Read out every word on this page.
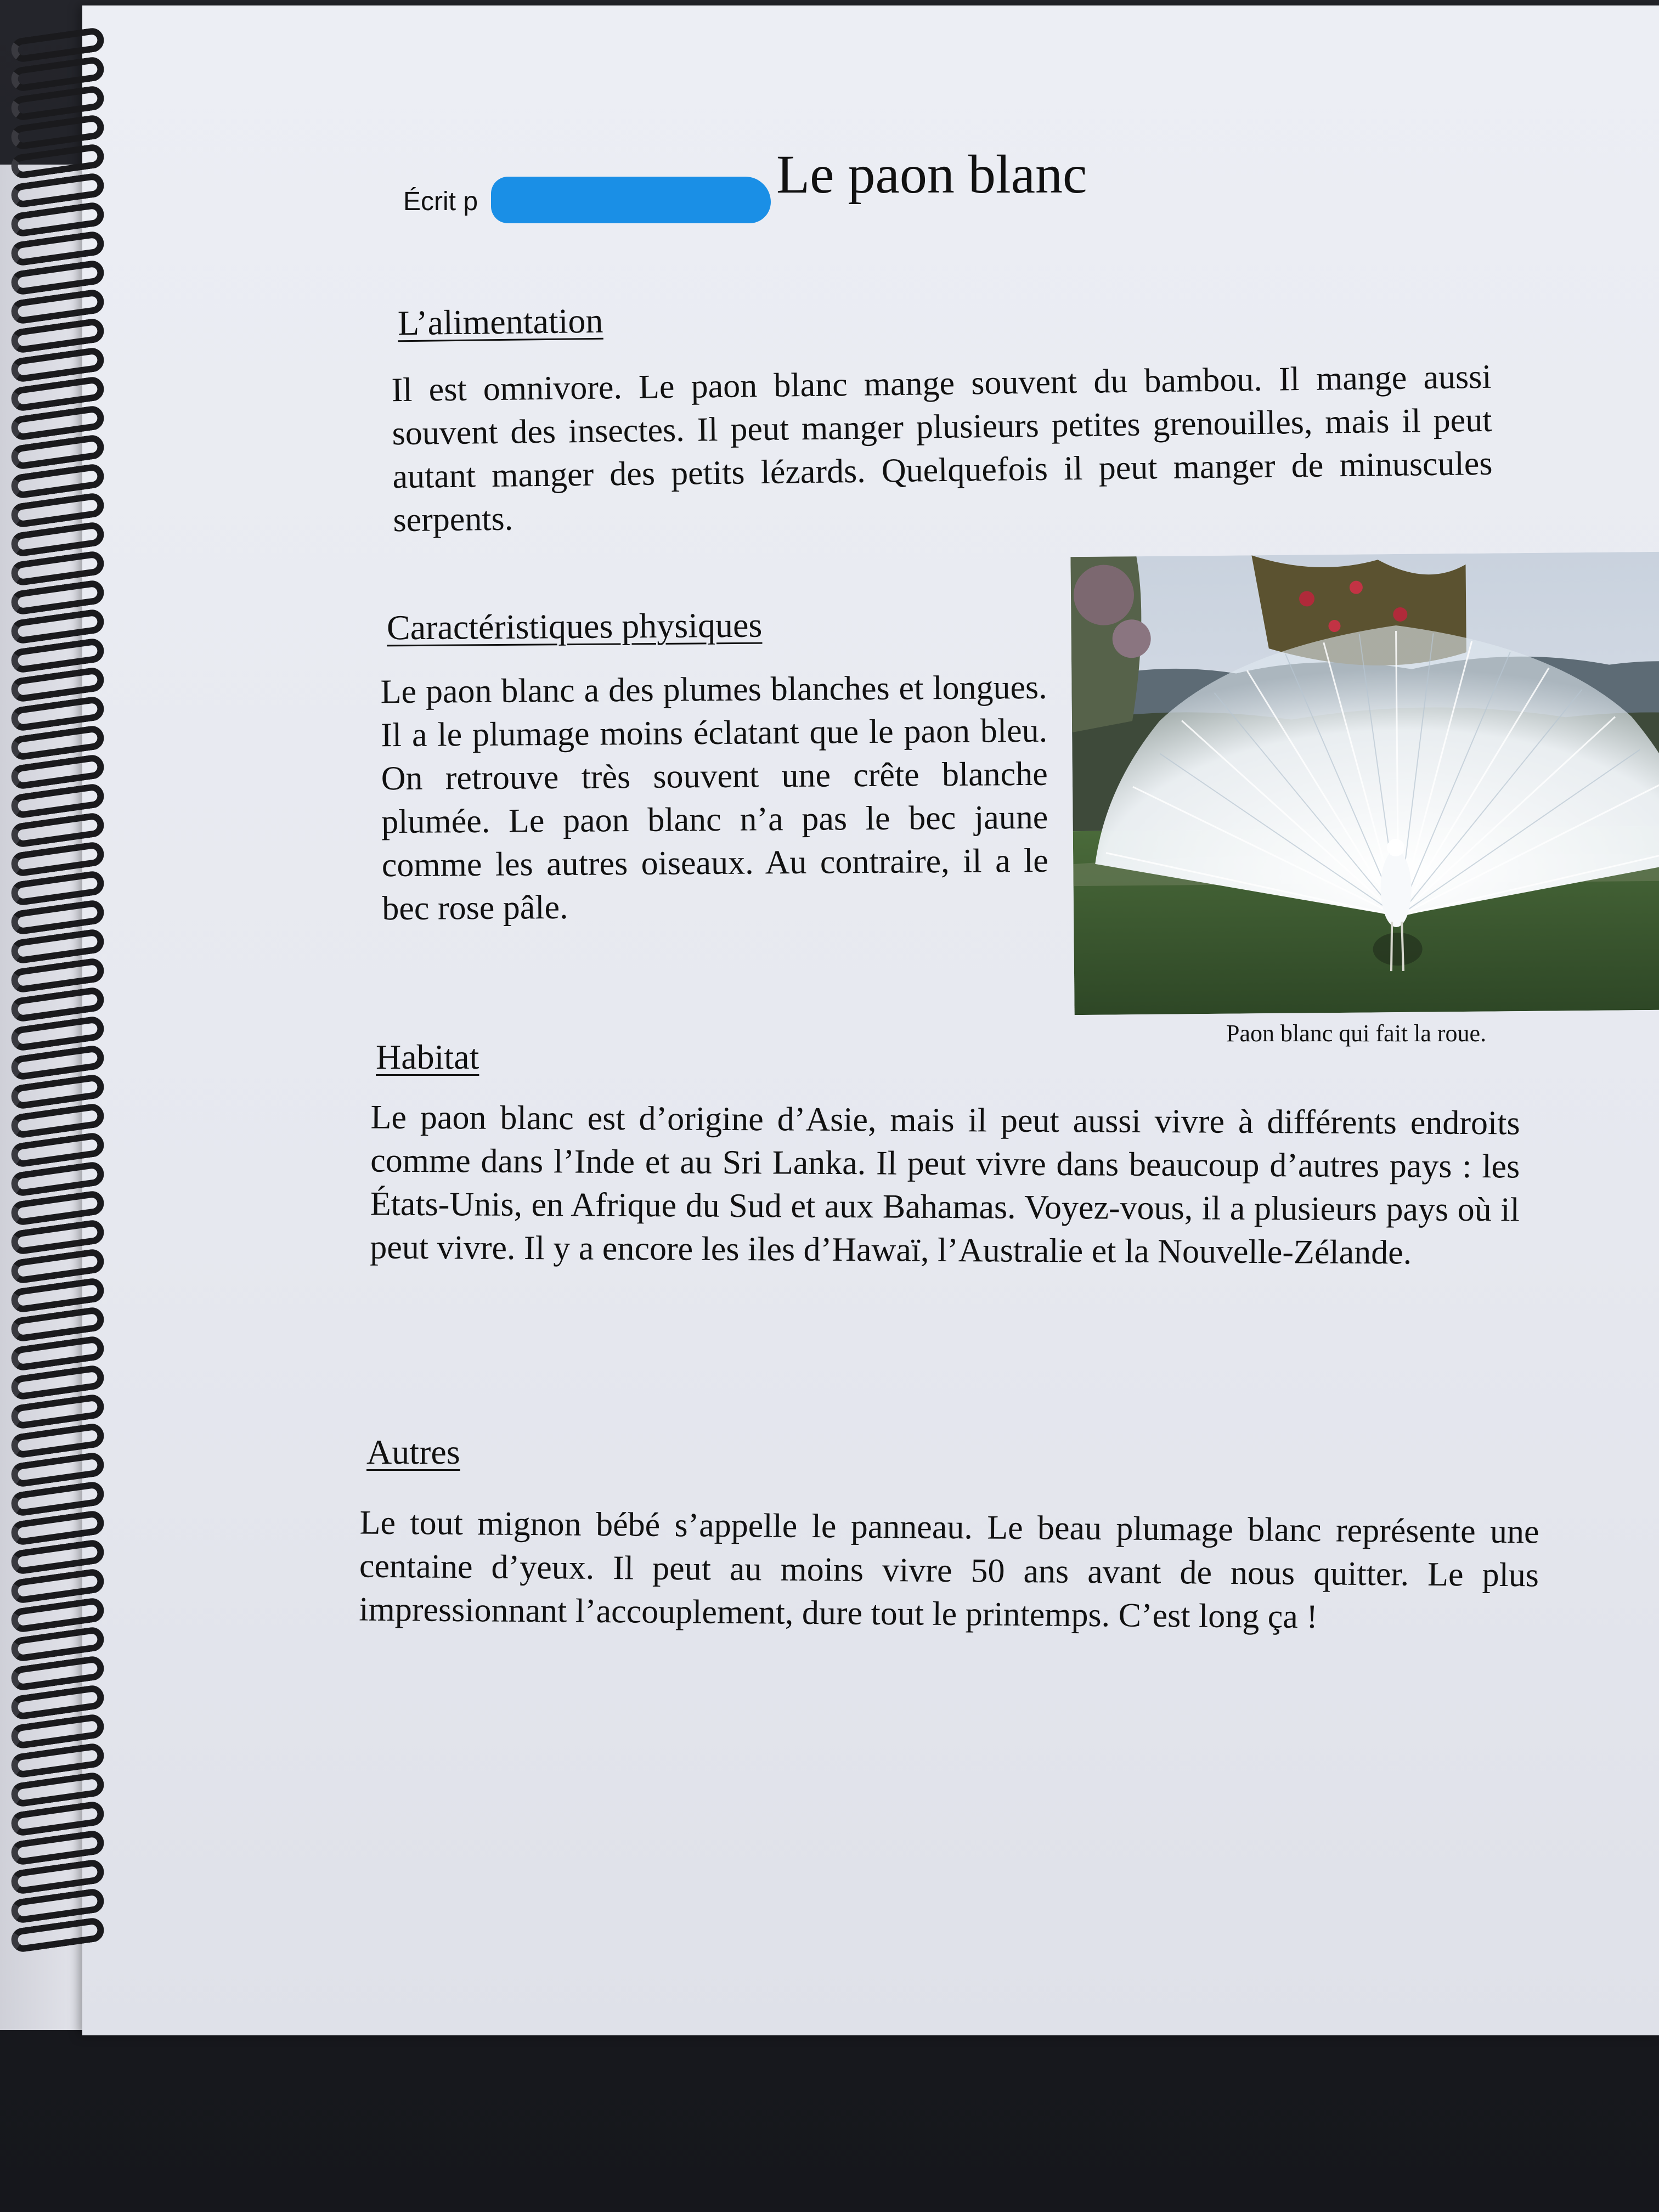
Écrit p	Le paon blanc
L’alimentation

Il est omnivore. Le paon blanc mange souvent du bambou. Il mange aussi souvent des insectes. Il peut manger plusieurs petites grenouilles, mais il peut autant manger des petits lézards. Quelquefois il peut manger de minuscules serpents.

Caractéristiques physiques

Le paon blanc a des plumes blanches et longues. Il a le plumage moins éclatant que le paon bleu. On retrouve très souvent une crête blanche plumée. Le paon blanc n’a pas le bec jaune comme les autres oiseaux. Au contraire, il a le bec rose pâle.

Paon blanc qui fait la roue.

Habitat

Le paon blanc est d’origine d’Asie, mais il peut aussi vivre à différents endroits comme dans l’Inde et au Sri Lanka. Il peut vivre dans beaucoup d’autres pays : les États-Unis, en Afrique du Sud et aux Bahamas. Voyez-vous, il a plusieurs pays où il peut vivre. Il y a encore les iles d’Hawaï, l’Australie et la Nouvelle-Zélande.

Autres

Le tout mignon bébé s’appelle le panneau. Le beau plumage blanc représente une centaine d’yeux. Il peut au moins vivre 50 ans avant de nous quitter. Le plus impressionnant l’accouplement, dure tout le printemps. C’est long ça !
